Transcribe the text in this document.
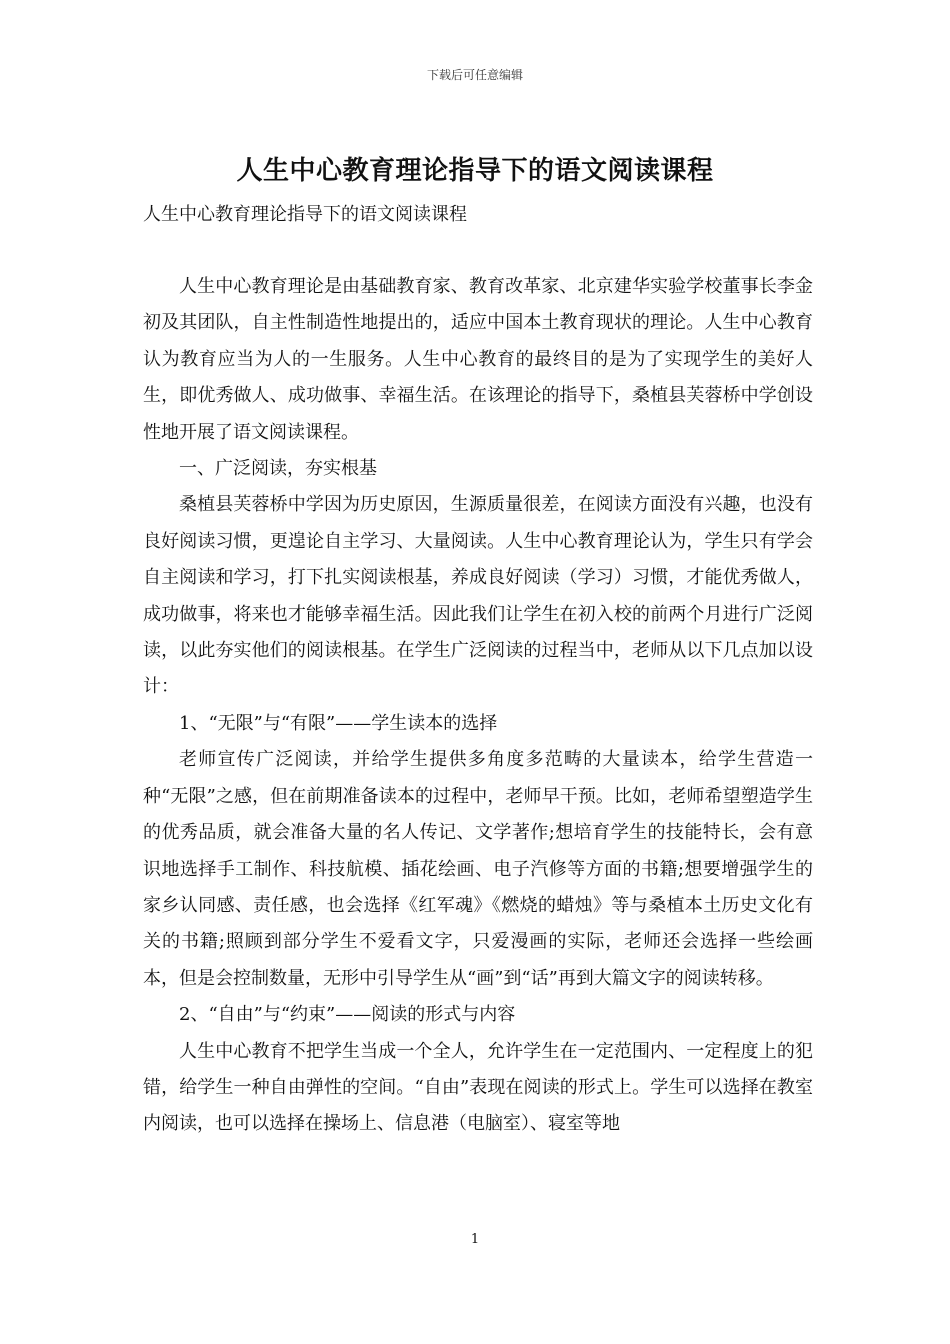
下载后可任意编辑
人生中心教育理论指导下的语文阅读课程
人生中心教育理论指导下的语文阅读课程

人生中心教育理论是由基础教育家、教育改革家、北京建华实验学校董事长李金初及其团队，自主性制造性地提出的，适应中国本土教育现状的理论。人生中心教育认为教育应当为人的一生服务。人生中心教育的最终目的是为了实现学生的美好人生，即优秀做人、成功做事、幸福生活。在该理论的指导下，桑植县芙蓉桥中学创设性地开展了语文阅读课程。

一、广泛阅读，夯实根基

桑植县芙蓉桥中学因为历史原因，生源质量很差，在阅读方面没有兴趣，也没有良好阅读习惯，更遑论自主学习、大量阅读。人生中心教育理论认为，学生只有学会自主阅读和学习，打下扎实阅读根基，养成良好阅读（学习）习惯，才能优秀做人，成功做事，将来也才能够幸福生活。因此我们让学生在初入校的前两个月进行广泛阅读，以此夯实他们的阅读根基。在学生广泛阅读的过程当中，老师从以下几点加以设计：

1、“无限”与“有限”——学生读本的选择

老师宣传广泛阅读，并给学生提供多角度多范畴的大量读本，给学生营造一种“无限”之感，但在前期准备读本的过程中，老师早干预。比如，老师希望塑造学生的优秀品质，就会准备大量的名人传记、文学著作;想培育学生的技能特长，会有意识地选择手工制作、科技航模、插花绘画、电子汽修等方面的书籍;想要增强学生的家乡认同感、责任感，也会选择《红军魂》《燃烧的蜡烛》等与桑植本土历史文化有关的书籍;照顾到部分学生不爱看文字，只爱漫画的实际，老师还会选择一些绘画本，但是会控制数量，无形中引导学生从“画”到“话”再到大篇文字的阅读转移。

2、“自由”与“约束”——阅读的形式与内容

人生中心教育不把学生当成一个全人，允许学生在一定范围内、一定程度上的犯错，给学生一种自由弹性的空间。“自由”表现在阅读的形式上。学生可以选择在教室内阅读，也可以选择在操场上、信息港（电脑室）、寝室等地

1
